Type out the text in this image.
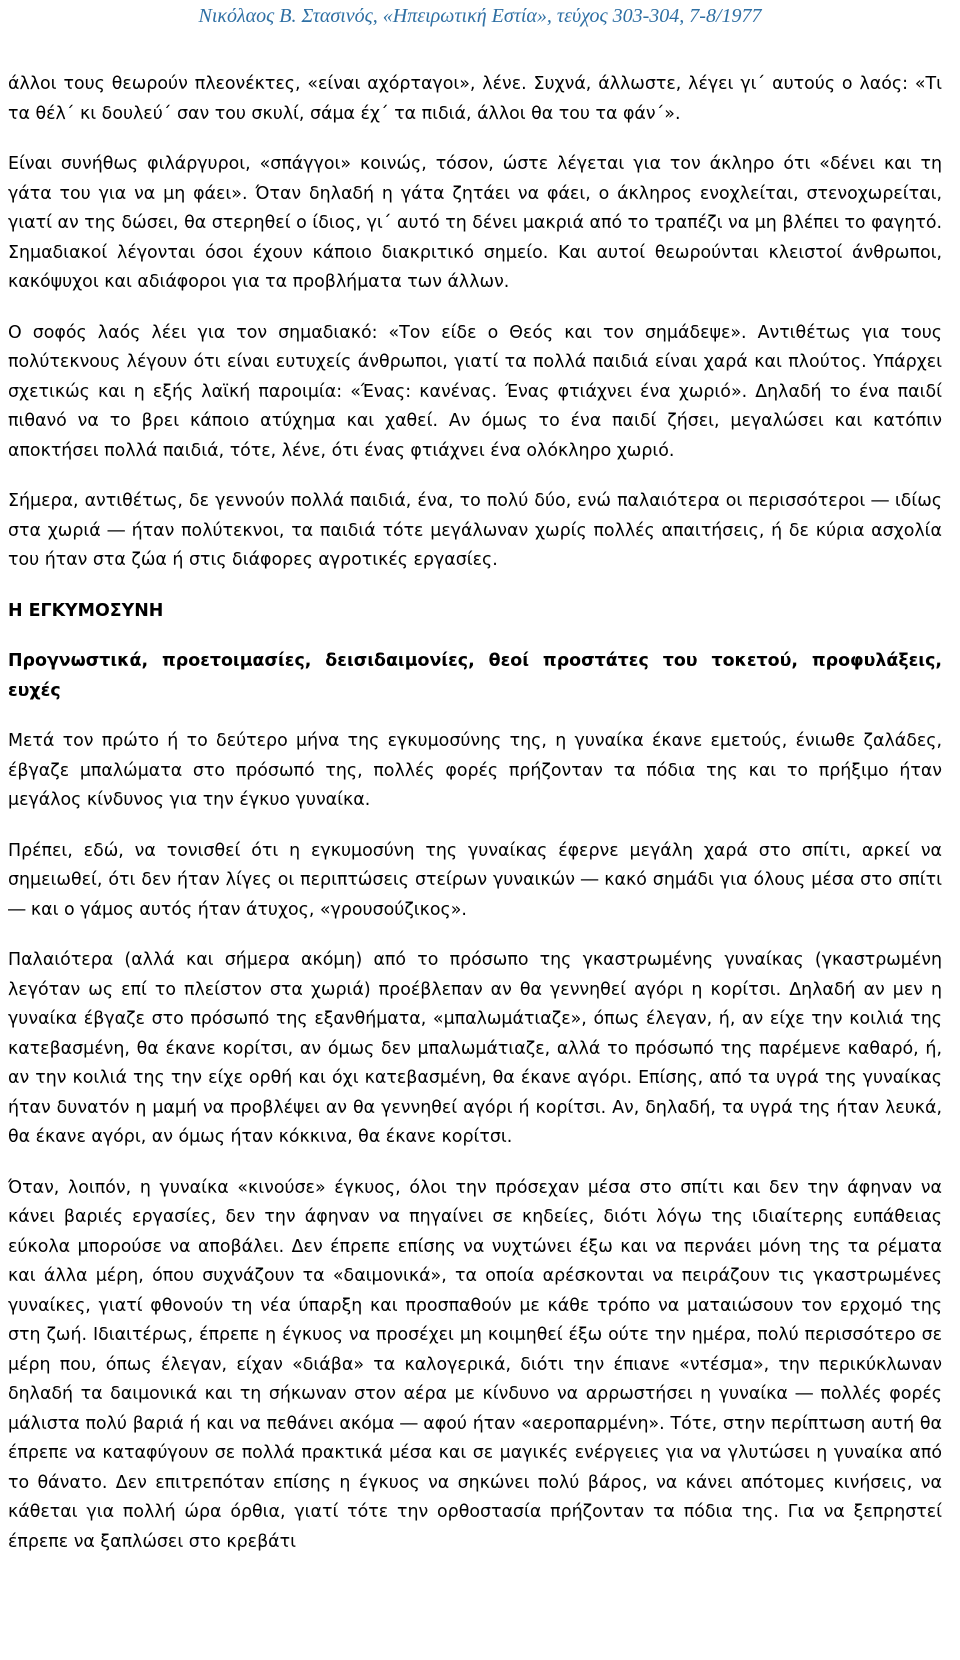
Νικόλαος Β. Στασινός, «Ηπειρωτική Εστία», τεύχος 303-304, 7-8/1977

άλλοι τους θεωρούν πλεονέκτες, «είναι αχόρταγοι», λένε. Συχνά, άλλωστε, λέγει γι΄ αυτούς ο λαός: «Τι τα θέλ΄ κι δουλεύ΄ σαν του σκυλί, σάμα έχ΄ τα πιδιά, άλλοι θα του τα φάν΄».

Είναι συνήθως φιλάργυροι, «σπάγγοι» κοινώς, τόσον, ώστε λέγεται για τον άκληρο ότι «δένει και τη γάτα του για να μη φάει». Όταν δηλαδή η γάτα ζητάει να φάει, ο άκληρος ενοχλείται, στενοχωρείται, γιατί αν της δώσει, θα στερηθεί ο ίδιος, γι΄ αυτό τη δένει μακριά από το τραπέζι να μη βλέπει το φαγητό. Σημαδιακοί λέγονται όσοι έχουν κάποιο διακριτικό σημείο. Και αυτοί θεωρούνται κλειστοί άνθρωποι, κακόψυχοι και αδιάφοροι για τα προβλήματα των άλλων.

Ο σοφός λαός λέει για τον σημαδιακό: «Τον είδε ο Θεός και τον σημάδεψε». Αντιθέτως για τους πολύτεκνους λέγουν ότι είναι ευτυχείς άνθρωποι, γιατί τα πολλά παιδιά είναι χαρά και πλούτος. Υπάρχει σχετικώς και η εξής λαϊκή παροιμία: «Ένας: κανένας. Ένας φτιάχνει ένα χωριό». Δηλαδή το ένα παιδί πιθανό να το βρει κάποιο ατύχημα και χαθεί. Αν όμως το ένα παιδί ζήσει, μεγαλώσει και κατόπιν αποκτήσει πολλά παιδιά, τότε, λένε, ότι ένας φτιάχνει ένα ολόκληρο χωριό.

Σήμερα, αντιθέτως, δε γεννούν πολλά παιδιά, ένα, το πολύ δύο, ενώ παλαιότερα οι περισσότεροι ― ιδίως στα χωριά ― ήταν πολύτεκνοι, τα παιδιά τότε μεγάλωναν χωρίς πολλές απαιτήσεις, ή δε κύρια ασχολία του ήταν στα ζώα ή στις διάφορες αγροτικές εργασίες.

Η ΕΓΚΥΜΟΣΥΝΗ
Προγνωστικά, προετοιμασίες, δεισιδαιμονίες, θεοί προστάτες του τοκετού, προφυλάξεις, ευχές

Μετά τον πρώτο ή το δεύτερο μήνα της εγκυμοσύνης της, η γυναίκα έκανε εμετούς, ένιωθε ζαλάδες, έβγαζε μπαλώματα στο πρόσωπό της, πολλές φορές πρήζονταν τα πόδια της και το πρήξιμο ήταν μεγάλος κίνδυνος για την έγκυο γυναίκα.

Πρέπει, εδώ, να τονισθεί ότι η εγκυμοσύνη της γυναίκας έφερνε μεγάλη χαρά στο σπίτι, αρκεί να σημειωθεί, ότι δεν ήταν λίγες οι περιπτώσεις στείρων γυναικών ― κακό σημάδι για όλους μέσα στο σπίτι ― και ο γάμος αυτός ήταν άτυχος, «γρουσούζικος».

Παλαιότερα (αλλά και σήμερα ακόμη) από το πρόσωπο της γκαστρωμένης γυναίκας (γκαστρωμένη λεγόταν ως επί το πλείστον στα χωριά) προέβλεπαν αν θα γεννηθεί αγόρι η κορίτσι. Δηλαδή αν μεν η γυναίκα έβγαζε στο πρόσωπό της εξανθήματα, «μπαλωμάτιαζε», όπως έλεγαν, ή, αν είχε την κοιλιά της κατεβασμένη, θα έκανε κορίτσι, αν όμως δεν μπαλωμάτιαζε, αλλά το πρόσωπό της παρέμενε καθαρό, ή, αν την κοιλιά της την είχε ορθή και όχι κατεβασμένη, θα έκανε αγόρι. Επίσης, από τα υγρά της γυναίκας ήταν δυνατόν η μαμή να προβλέψει αν θα γεννηθεί αγόρι ή κορίτσι. Αν, δηλαδή, τα υγρά της ήταν λευκά, θα έκανε αγόρι, αν όμως ήταν κόκκινα, θα έκανε κορίτσι.

Όταν, λοιπόν, η γυναίκα «κινούσε» έγκυος, όλοι την πρόσεχαν μέσα στο σπίτι και δεν την άφηναν να κάνει βαριές εργασίες, δεν την άφηναν να πηγαίνει σε κηδείες, διότι λόγω της ιδιαίτερης ευπάθειας εύκολα μπορούσε να αποβάλει. Δεν έπρεπε επίσης να νυχτώνει έξω και να περνάει μόνη της τα ρέματα και άλλα μέρη, όπου συχνάζουν τα «δαιμονικά», τα οποία αρέσκονται να πειράζουν τις γκαστρωμένες γυναίκες, γιατί φθονούν τη νέα ύπαρξη και προσπαθούν με κάθε τρόπο να ματαιώσουν τον ερχομό της στη ζωή. Ιδιαιτέρως, έπρεπε η έγκυος να προσέχει μη κοιμηθεί έξω ούτε την ημέρα, πολύ περισσότερο σε μέρη που, όπως έλεγαν, είχαν «διάβα» τα καλογερικά, διότι την έπιανε «ντέσμα», την περικύκλωναν δηλαδή τα δαιμονικά και τη σήκωναν στον αέρα με κίνδυνο να αρρωστήσει η γυναίκα ― πολλές φορές μάλιστα πολύ βαριά ή και να πεθάνει ακόμα ― αφού ήταν «αεροπαρμένη». Τότε, στην περίπτωση αυτή θα έπρεπε να καταφύγουν σε πολλά πρακτικά μέσα και σε μαγικές ενέργειες για να γλυτώσει η γυναίκα από το θάνατο. Δεν επιτρεπόταν επίσης η έγκυος να σηκώνει πολύ βάρος, να κάνει απότομες κινήσεις, να κάθεται για πολλή ώρα όρθια, γιατί τότε την ορθοστασία πρήζονταν τα πόδια της. Για να ξεπρηστεί έπρεπε να ξαπλώσει στο κρεβάτι
